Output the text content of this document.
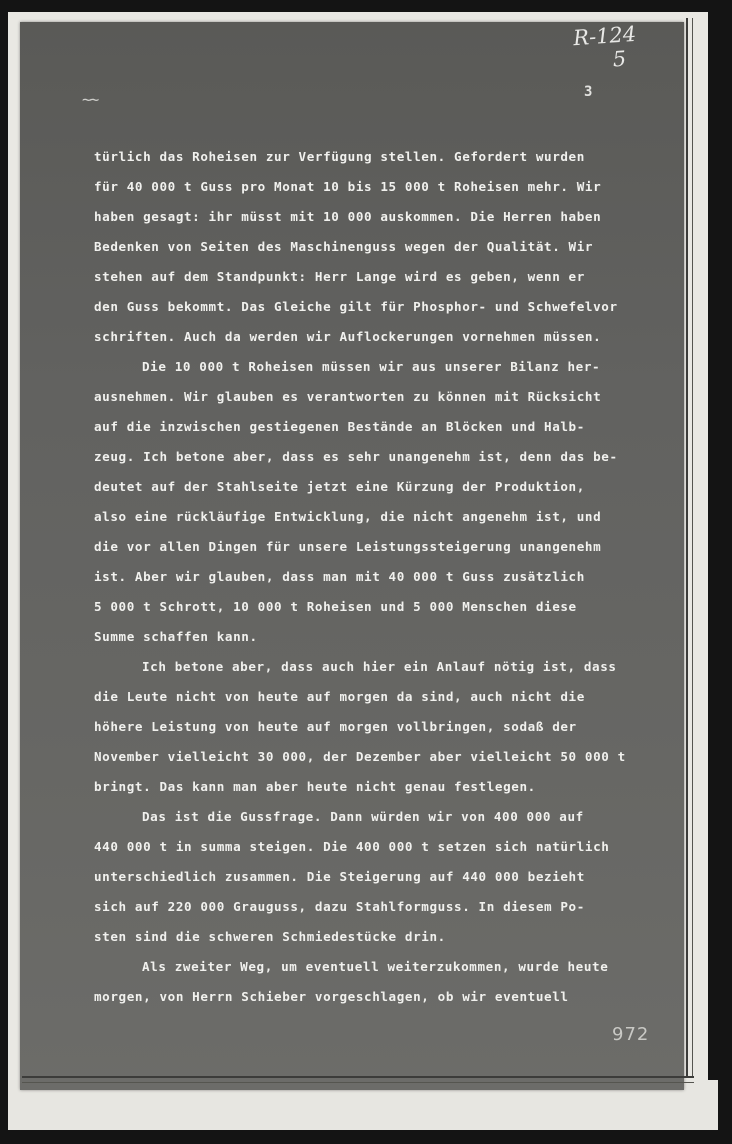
R-124
5
3
~~
türlich das Roheisen zur Verfügung stellen. Gefordert wurden
für 40 000 t Guss pro Monat 10 bis 15 000 t Roheisen mehr. Wir
haben gesagt: ihr müsst mit 10 000 auskommen. Die Herren haben
Bedenken von Seiten des Maschinenguss wegen der Qualität. Wir
stehen auf dem Standpunkt: Herr Lange wird es geben, wenn er
den Guss bekommt. Das Gleiche gilt für Phosphor- und Schwefelvor
schriften. Auch da werden wir Auflockerungen vornehmen müssen.
Die 10 000 t Roheisen müssen wir aus unserer Bilanz her-
ausnehmen. Wir glauben es verantworten zu können mit Rücksicht
auf die inzwischen gestiegenen Bestände an Blöcken und Halb-
zeug. Ich betone aber, dass es sehr unangenehm ist, denn das be-
deutet auf der Stahlseite jetzt eine Kürzung der Produktion,
also eine rückläufige Entwicklung, die nicht angenehm ist, und
die vor allen Dingen für unsere Leistungssteigerung unangenehm
ist. Aber wir glauben, dass man mit 40 000 t Guss zusätzlich
5 000 t Schrott, 10 000 t Roheisen und 5 000 Menschen diese
Summe schaffen kann.
Ich betone aber, dass auch hier ein Anlauf nötig ist, dass
die Leute nicht von heute auf morgen da sind, auch nicht die
höhere Leistung von heute auf morgen vollbringen, sodaß der
November vielleicht 30 000, der Dezember aber vielleicht 50 000 t
bringt. Das kann man aber heute nicht genau festlegen.
Das ist die Gussfrage. Dann würden wir von 400 000 auf
440 000 t in summa steigen. Die 400 000 t setzen sich natürlich
unterschiedlich zusammen. Die Steigerung auf 440 000 bezieht
sich auf 220 000 Grauguss, dazu Stahlformguss. In diesem Po-
sten sind die schweren Schmiedestücke drin.
Als zweiter Weg, um eventuell weiterzukommen, wurde heute
morgen, von Herrn Schieber vorgeschlagen, ob wir eventuell
972
